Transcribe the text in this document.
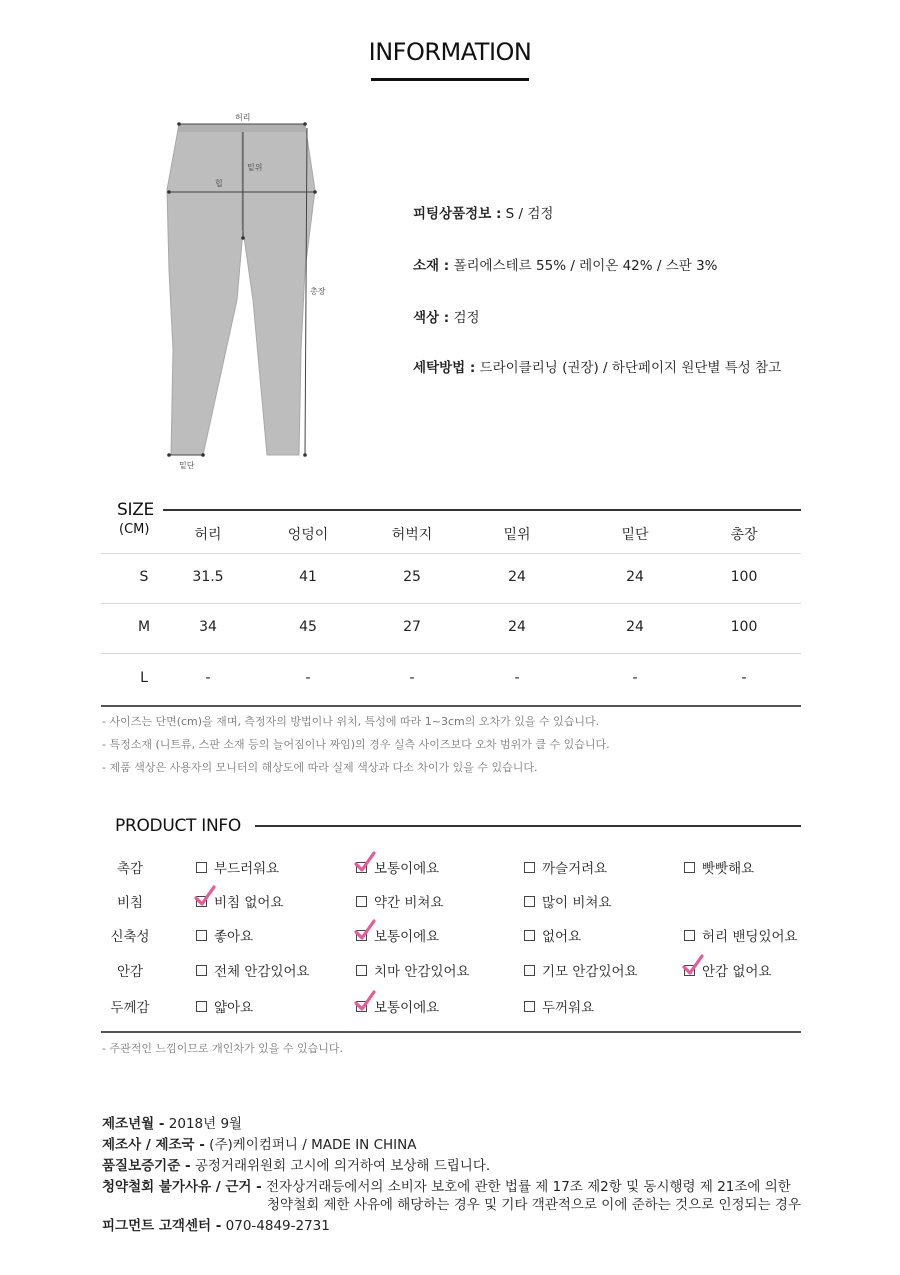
INFORMATION
허리
밑위
힙
총장
밑단
피팅상품정보 : S / 검정
소재 : 폴리에스테르 55% / 레이온 42% / 스판 3%
색상 : 검정
세탁방법 : 드라이클리닝 (권장) / 하단페이지 원단별 특성 참고
SIZE
(CM)	허리	엉덩이	허벅지	밑위	밑단	총장
S	31.5	41	25	24	24	100
M	34	45	27	24	24	100
L	-	-	-	-	-	-
- 사이즈는 단면(cm)을 재며, 측정자의 방법이나 위치, 특성에 따라 1~3cm의 오차가 있을 수 있습니다.
- 특정소재 (니트류, 스판 소재 등의 늘어짐이나 짜임)의 경우 실측 사이즈보다 오차 범위가 클 수 있습니다.
- 제품 색상은 사용자의 모니터의 해상도에 따라 실제 색상과 다소 차이가 있을 수 있습니다.
PRODUCT INFO
촉감	부드러워요	보통이에요	까슬거려요	빳빳해요
비침	비침 없어요	약간 비쳐요	많이 비쳐요
신축성	좋아요	보통이에요	없어요	허리 밴딩있어요
안감	전체 안감있어요	치마 안감있어요	기모 안감있어요	안감 없어요
두께감	얇아요	보통이에요	두꺼워요
- 주관적인 느낌이므로 개인차가 있을 수 있습니다.
제조년월 - 2018년 9월
제조사 / 제조국 - (주)케이컴퍼니 / MADE IN CHINA
품질보증기준 - 공정거래위원회 고시에 의거하여 보상해 드립니다.
청약철회 불가사유 / 근거 - 전자상거래등에서의 소비자 보호에 관한 법률 제 17조 제2항 및 동시행령 제 21조에 의한
청약철회 제한 사유에 해당하는 경우 및 기타 객관적으로 이에 준하는 것으로 인정되는 경우
피그먼트 고객센터 - 070-4849-2731
